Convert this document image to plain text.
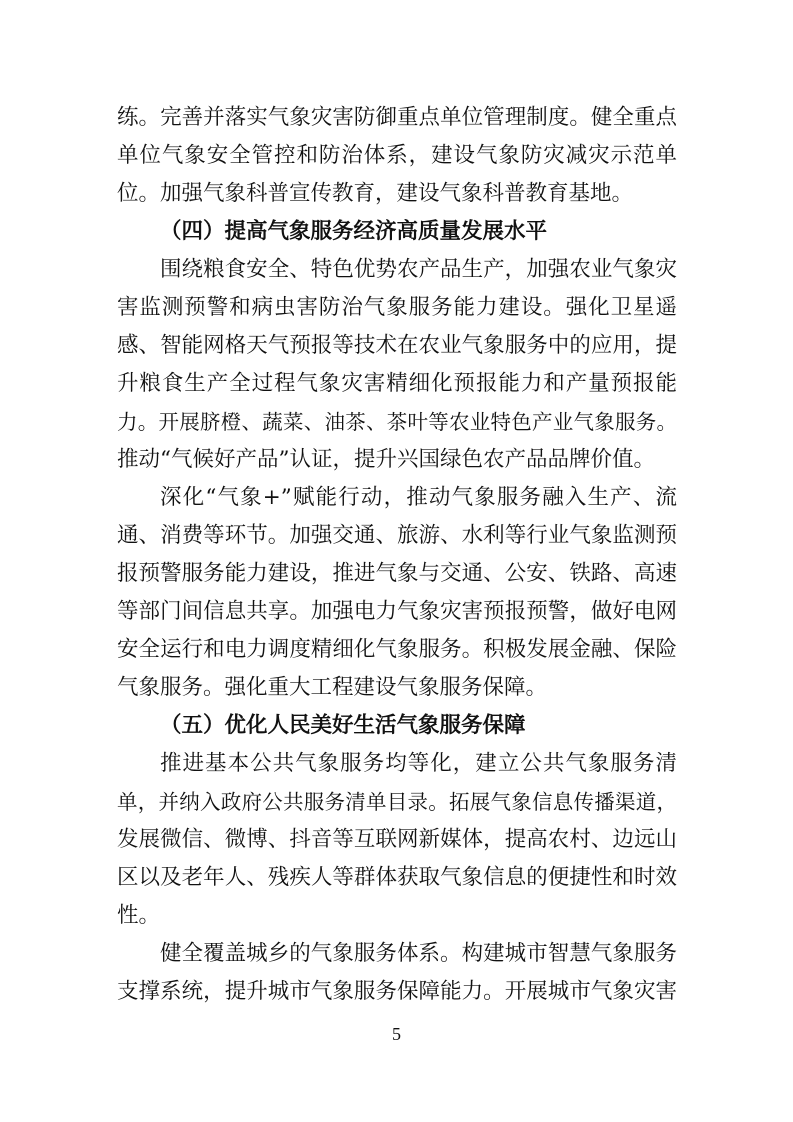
练。完善并落实气象灾害防御重点单位管理制度。健全重点
单位气象安全管控和防治体系，建设气象防灾减灾示范单
位。加强气象科普宣传教育，建设气象科普教育基地。
（四）提高气象服务经济高质量发展水平
围绕粮食安全、特色优势农产品生产，加强农业气象灾
害监测预警和病虫害防治气象服务能力建设。强化卫星遥
感、智能网格天气预报等技术在农业气象服务中的应用，提
升粮食生产全过程气象灾害精细化预报能力和产量预报能
力。开展脐橙、蔬菜、油茶、茶叶等农业特色产业气象服务。
推动“气候好产品”认证，提升兴国绿色农产品品牌价值。
深化“气象+”赋能行动，推动气象服务融入生产、流
通、消费等环节。加强交通、旅游、水利等行业气象监测预
报预警服务能力建设，推进气象与交通、公安、铁路、高速
等部门间信息共享。加强电力气象灾害预报预警，做好电网
安全运行和电力调度精细化气象服务。积极发展金融、保险
气象服务。强化重大工程建设气象服务保障。
（五）优化人民美好生活气象服务保障
推进基本公共气象服务均等化，建立公共气象服务清
单，并纳入政府公共服务清单目录。拓展气象信息传播渠道，
发展微信、微博、抖音等互联网新媒体，提高农村、边远山
区以及老年人、残疾人等群体获取气象信息的便捷性和时效
性。
健全覆盖城乡的气象服务体系。构建城市智慧气象服务
支撑系统，提升城市气象服务保障能力。开展城市气象灾害
5
